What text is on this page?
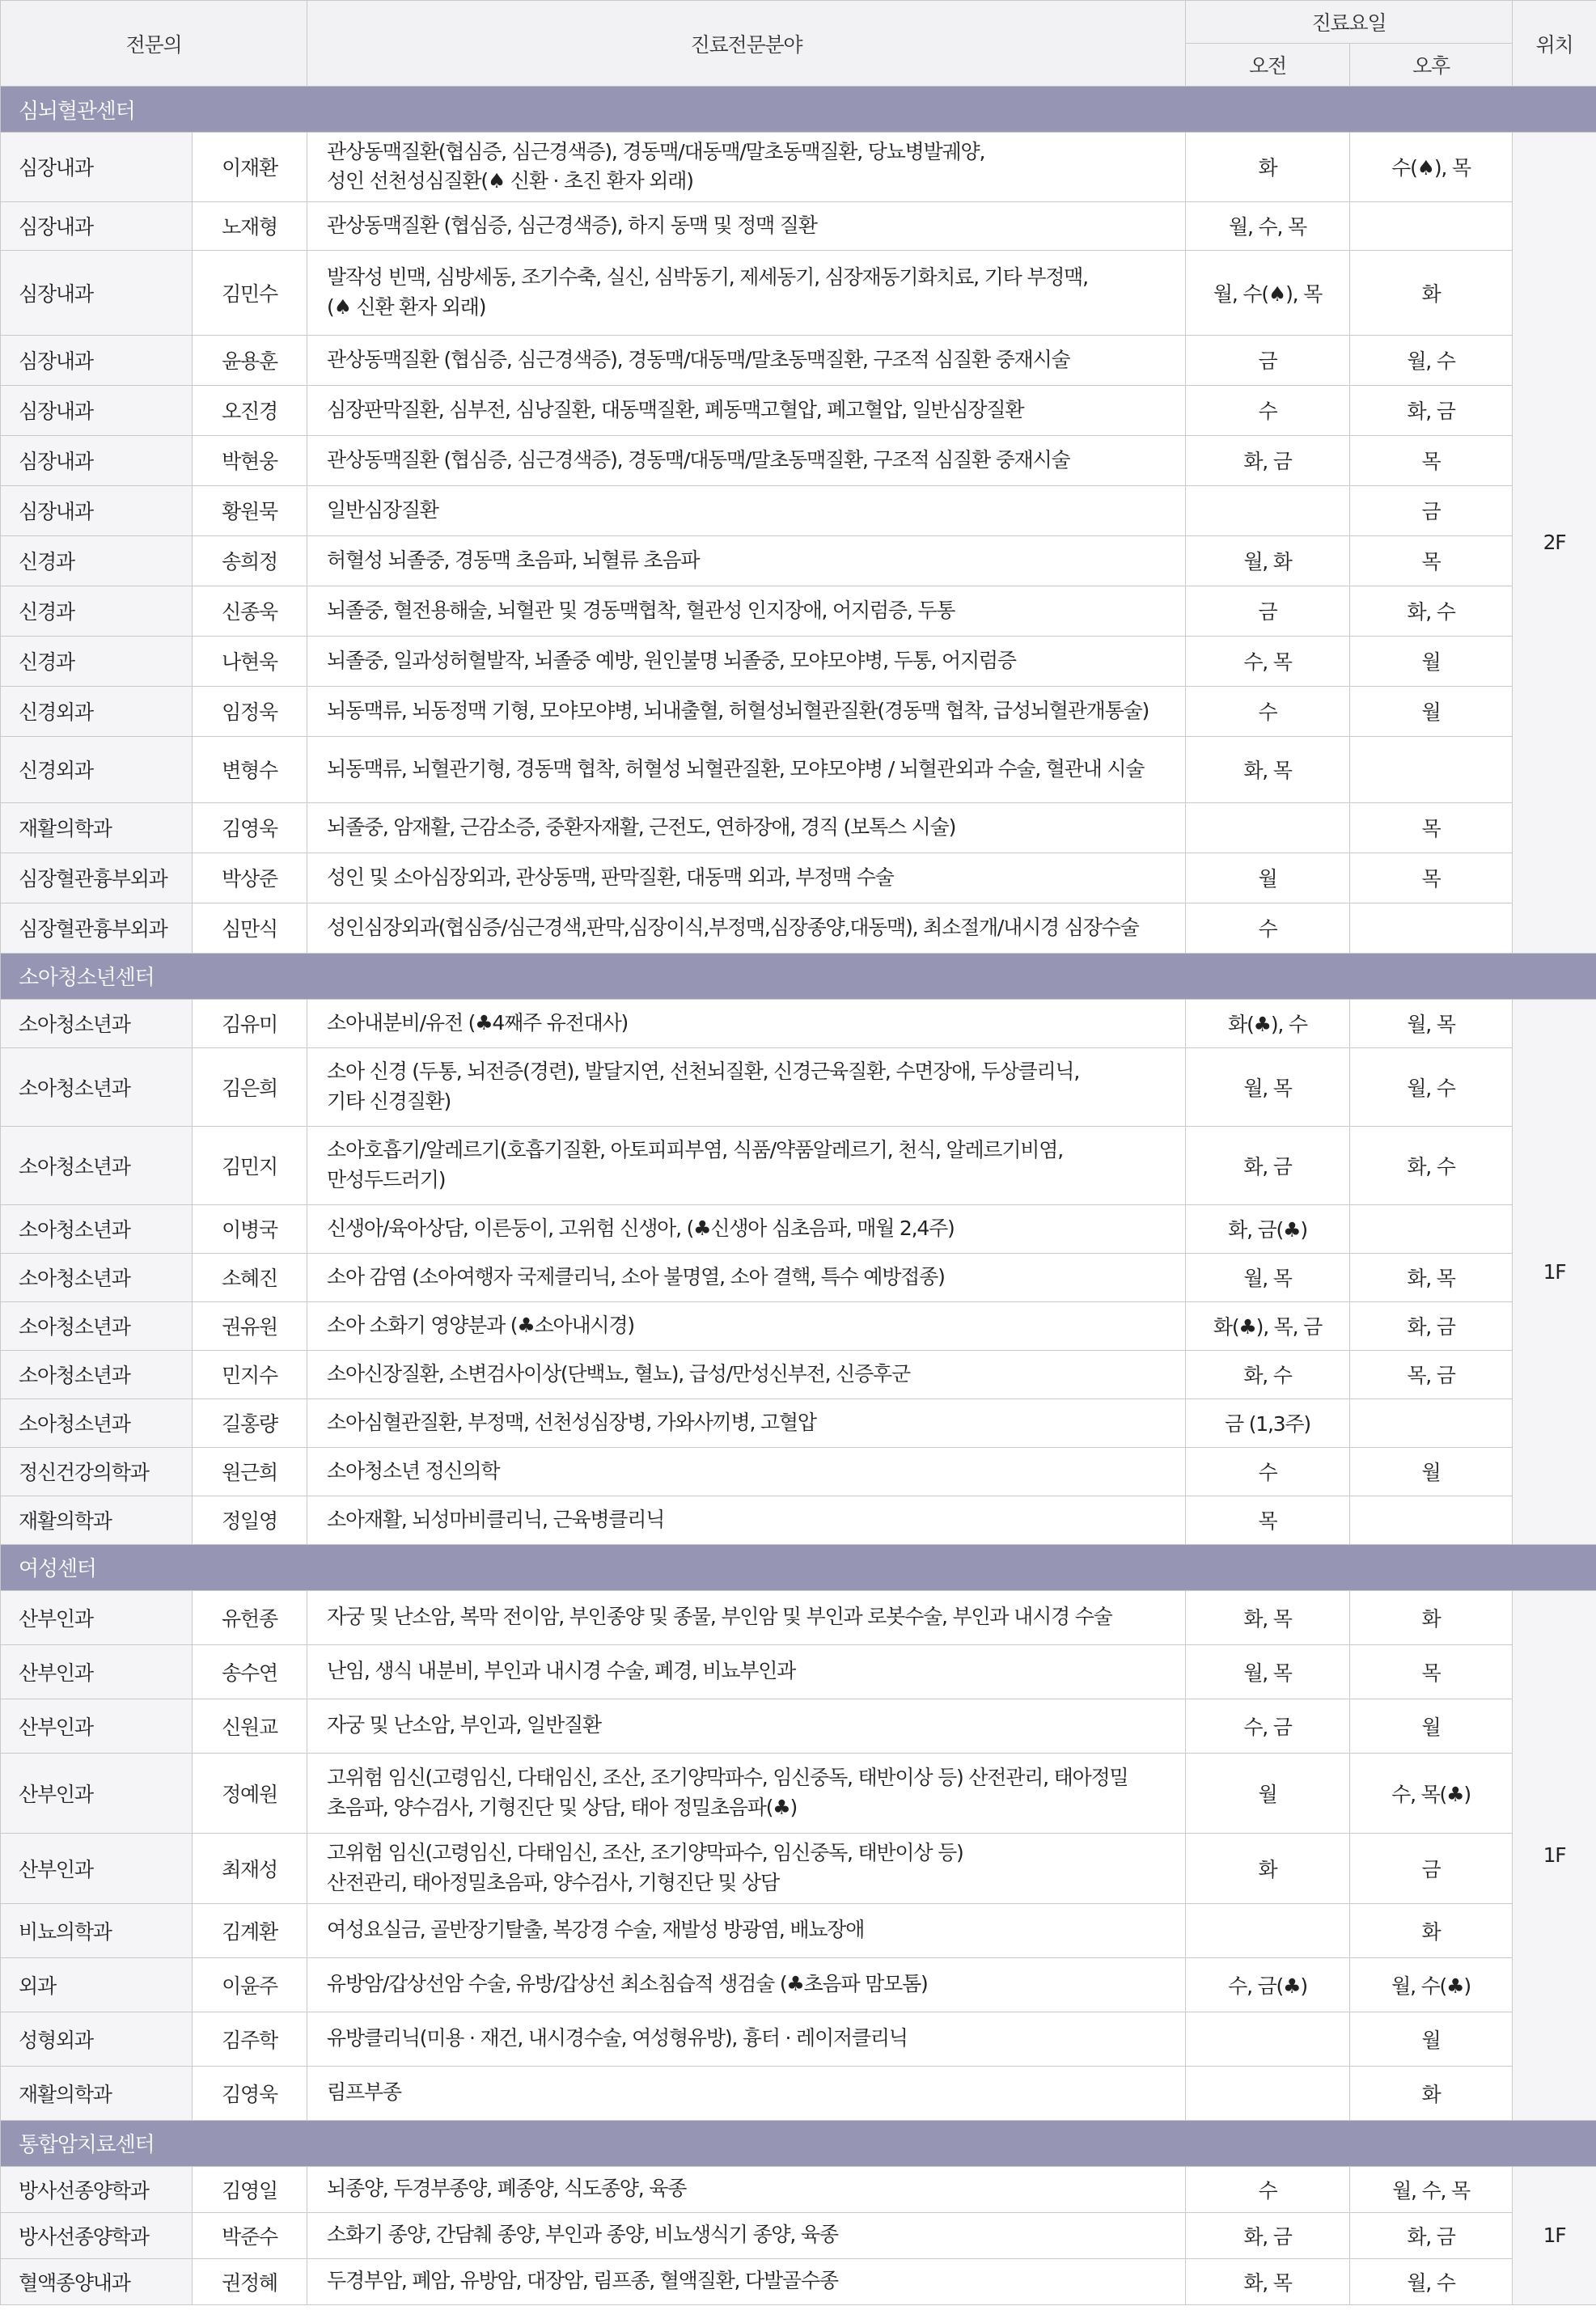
전문의		진료전문분야	진료요일		위치
			오전	오후	
심뇌혈관센터					
심장내과	이재환	관상동맥질환(협심증, 심근경색증), 경동맥/대동맥/말초동맥질환, 당뇨병발궤양,
성인 선천성심질환(♠ 신환 · 초진 환자 외래)	화	수(♠), 목	2F
심장내과	노재형	관상동맥질환 (협심증, 심근경색증), 하지 동맥 및 정맥 질환	월, 수, 목		
심장내과	김민수	발작성 빈맥, 심방세동, 조기수축, 실신, 심박동기, 제세동기, 심장재동기화치료, 기타 부정맥,
(♠ 신환 환자 외래)	월, 수(♠), 목	화	
심장내과	윤용훈	관상동맥질환 (협심증, 심근경색증), 경동맥/대동맥/말초동맥질환, 구조적 심질환 중재시술	금	월, 수	
심장내과	오진경	심장판막질환, 심부전, 심낭질환, 대동맥질환, 폐동맥고혈압, 폐고혈압, 일반심장질환	수	화, 금	
심장내과	박현웅	관상동맥질환 (협심증, 심근경색증), 경동맥/대동맥/말초동맥질환, 구조적 심질환 중재시술	화, 금	목	
심장내과	황원묵	일반심장질환		금	
신경과	송희정	허혈성 뇌졸중, 경동맥 초음파, 뇌혈류 초음파	월, 화	목	
신경과	신종욱	뇌졸중, 혈전용해술, 뇌혈관 및 경동맥협착, 혈관성 인지장애, 어지럼증, 두통	금	화, 수	
신경과	나현욱	뇌졸중, 일과성허혈발작, 뇌졸중 예방, 원인불명 뇌졸중, 모야모야병, 두통, 어지럼증	수, 목	월	
신경외과	임정욱	뇌동맥류, 뇌동정맥 기형, 모야모야병, 뇌내출혈, 허혈성뇌혈관질환(경동맥 협착, 급성뇌혈관개통술)	수	월	
신경외과	변형수	뇌동맥류, 뇌혈관기형, 경동맥 협착, 허혈성 뇌혈관질환, 모야모야병 / 뇌혈관외과 수술, 혈관내 시술	화, 목		
재활의학과	김영욱	뇌졸중, 암재활, 근감소증, 중환자재활, 근전도, 연하장애, 경직 (보톡스 시술)		목	
심장혈관흉부외과	박상준	성인 및 소아심장외과, 관상동맥, 판막질환, 대동맥 외과, 부정맥 수술	월	목	
심장혈관흉부외과	심만식	성인심장외과(협심증/심근경색,판막,심장이식,부정맥,심장종양,대동맥), 최소절개/내시경 심장수술	수		
소아청소년센터					
소아청소년과	김유미	소아내분비/유전 (♣4째주 유전대사)	화(♣), 수	월, 목	1F
소아청소년과	김은희	소아 신경 (두통, 뇌전증(경련), 발달지연, 선천뇌질환, 신경근육질환, 수면장애, 두상클리닉,
기타 신경질환)	월, 목	월, 수	
소아청소년과	김민지	소아호흡기/알레르기(호흡기질환, 아토피피부염, 식품/약품알레르기, 천식, 알레르기비염,
만성두드러기)	화, 금	화, 수	
소아청소년과	이병국	신생아/육아상담, 이른둥이, 고위험 신생아, (♣신생아 심초음파, 매월 2,4주)	화, 금(♣)		
소아청소년과	소혜진	소아 감염 (소아여행자 국제클리닉, 소아 불명열, 소아 결핵, 특수 예방접종)	월, 목	화, 목	
소아청소년과	권유원	소아 소화기 영양분과 (♣소아내시경)	화(♣), 목, 금	화, 금	
소아청소년과	민지수	소아신장질환, 소변검사이상(단백뇨, 혈뇨), 급성/만성신부전, 신증후군	화, 수	목, 금	
소아청소년과	길홍량	소아심혈관질환, 부정맥, 선천성심장병, 가와사끼병, 고혈압	금 (1,3주)		
정신건강의학과	원근희	소아청소년 정신의학	수	월	
재활의학과	정일영	소아재활, 뇌성마비클리닉, 근육병클리닉	목		
여성센터					
산부인과	유헌종	자궁 및 난소암, 복막 전이암, 부인종양 및 종물, 부인암 및 부인과 로봇수술, 부인과 내시경 수술	화, 목	화	1F
산부인과	송수연	난임, 생식 내분비, 부인과 내시경 수술, 폐경, 비뇨부인과	월, 목	목	
산부인과	신원교	자궁 및 난소암, 부인과, 일반질환	수, 금	월	
산부인과	정예원	고위험 임신(고령임신, 다태임신, 조산, 조기양막파수, 임신중독, 태반이상 등) 산전관리, 태아정밀
초음파, 양수검사, 기형진단 및 상담, 태아 정밀초음파(♣)	월	수, 목(♣)	
산부인과	최재성	고위험 임신(고령임신, 다태임신, 조산, 조기양막파수, 임신중독, 태반이상 등)
산전관리, 태아정밀초음파, 양수검사, 기형진단 및 상담	화	금	
비뇨의학과	김계환	여성요실금, 골반장기탈출, 복강경 수술, 재발성 방광염, 배뇨장애		화	
외과	이윤주	유방암/갑상선암 수술, 유방/갑상선 최소침습적 생검술 (♣초음파 맘모톰)	수, 금(♣)	월, 수(♣)	
성형외과	김주학	유방클리닉(미용 · 재건, 내시경수술, 여성형유방), 흉터 · 레이저클리닉		월	
재활의학과	김영욱	림프부종		화	
통합암치료센터					
방사선종양학과	김영일	뇌종양, 두경부종양, 폐종양, 식도종양, 육종	수	월, 수, 목	1F
방사선종양학과	박준수	소화기 종양, 간담췌 종양, 부인과 종양, 비뇨생식기 종양, 육종	화, 금	화, 금	
혈액종양내과	권정혜	두경부암, 폐암, 유방암, 대장암, 림프종, 혈액질환, 다발골수종	화, 목	월, 수	
